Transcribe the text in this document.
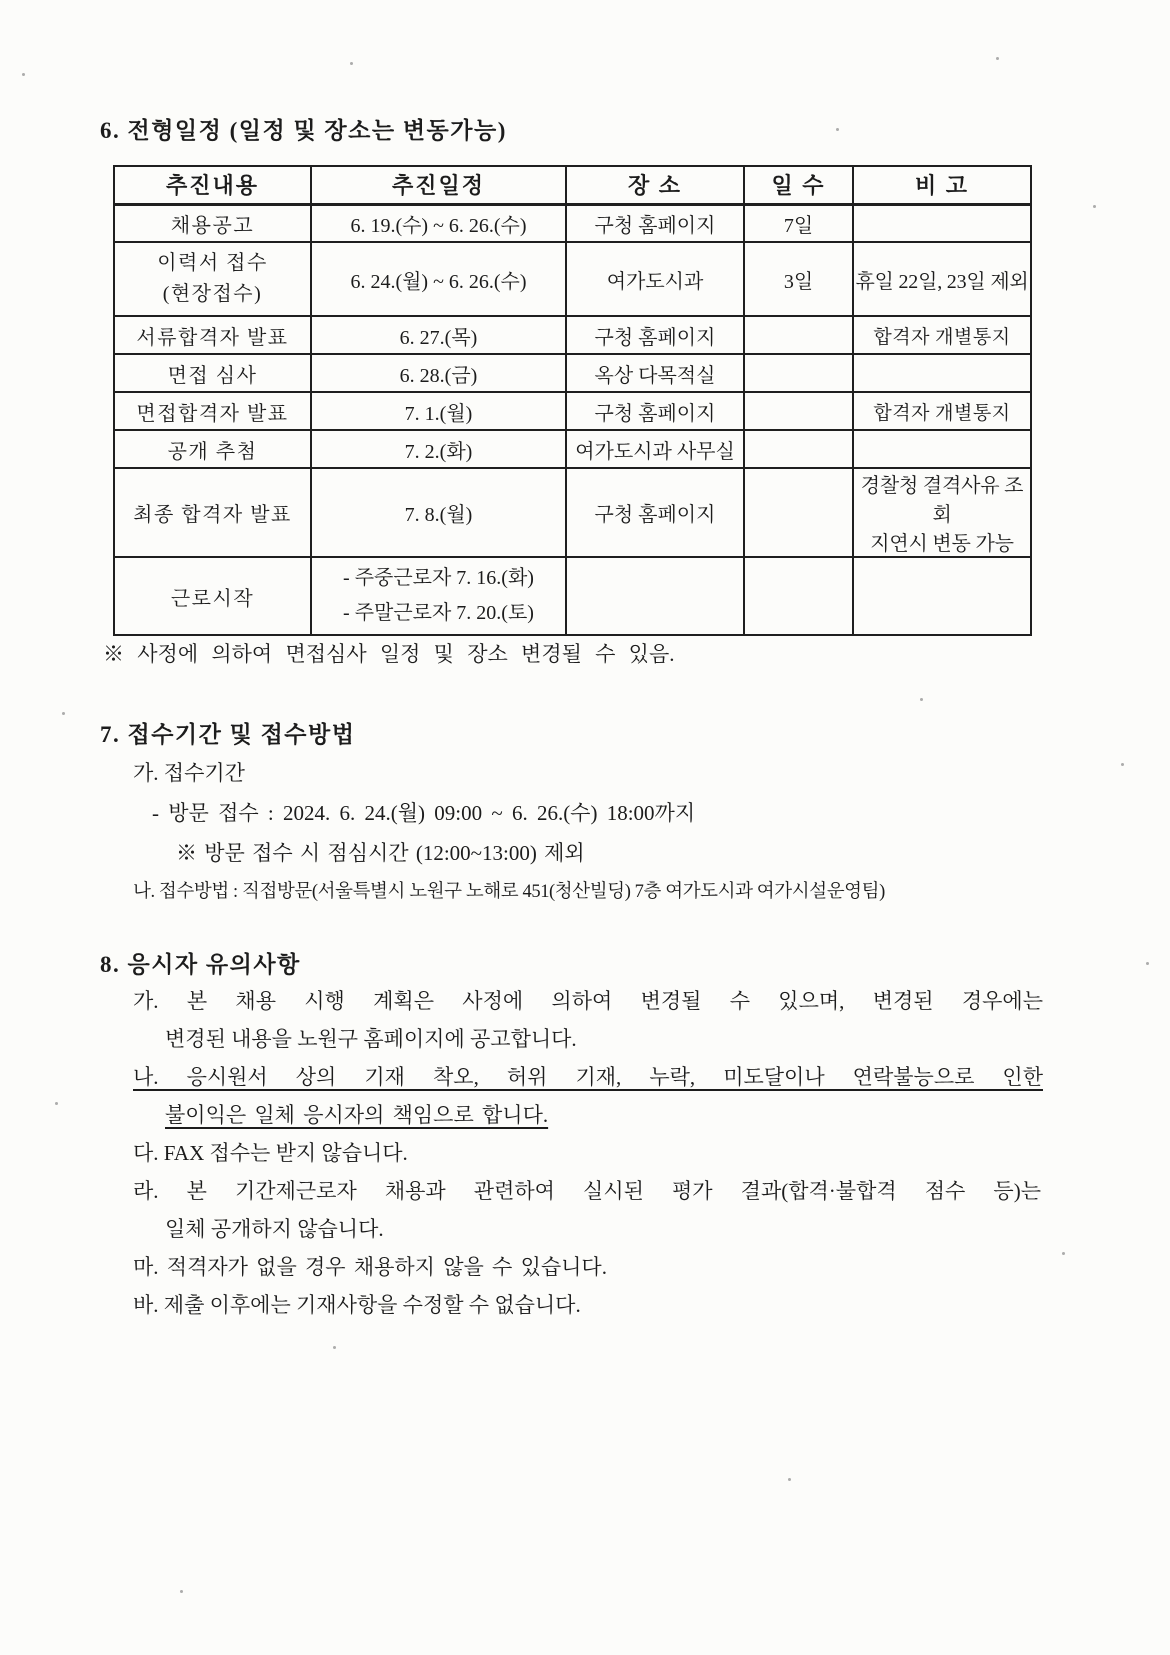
6. 전형일정 (일정 및 장소는 변동가능)
추진내용	추진일정	장 소	일 수	비 고
채용공고	6. 19.(수) ~ 6. 26.(수)	구청 홈페이지	7일	

이력서 접수
(현장접수)	6. 24.(월) ~ 6. 26.(수)	여가도시과	3일	휴일 22일, 23일 제외
서류합격자 발표	6. 27.(목)	구청 홈페이지		합격자 개별통지
면접 심사	6. 28.(금)	옥상 다목적실		
면접합격자 발표	7. 1.(월)	구청 홈페이지		합격자 개별통지
공개 추첨	7. 2.(화)	여가도시과 사무실		
최종 합격자 발표	7. 8.(월)	구청 홈페이지		경찰청 결격사유 조회
지연시 변동 가능

근로시작	- 주중근로자 7. 16.(화)
- 주말근로자 7. 20.(토)			

※ 사정에 의하여 면접심사 일정 및 장소 변경될 수 있음.
7. 접수기간 및 접수방법
가. 접수기간
- 방문 접수 : 2024. 6. 24.(월) 09:00 ~ 6. 26.(수) 18:00까지
※ 방문 접수 시 점심시간 (12:00~13:00) 제외
나. 접수방법 : 직접방문(서울특별시 노원구 노해로 451(청산빌딩) 7층 여가도시과 여가시설운영팀)
8. 응시자 유의사항
가. 본 채용 시행 계획은 사정에 의하여 변경될 수 있으며, 변경된 경우에는
변경된 내용을 노원구 홈페이지에 공고합니다.
나. 응시원서 상의 기재 착오, 허위 기재, 누락, 미도달이나 연락불능으로 인한
불이익은 일체 응시자의 책임으로 합니다.
다. FAX 접수는 받지 않습니다.
라. 본 기간제근로자 채용과 관련하여 실시된 평가 결과(합격·불합격 점수 등)는
일체 공개하지 않습니다.
마. 적격자가 없을 경우 채용하지 않을 수 있습니다.
바. 제출 이후에는 기재사항을 수정할 수 없습니다.
